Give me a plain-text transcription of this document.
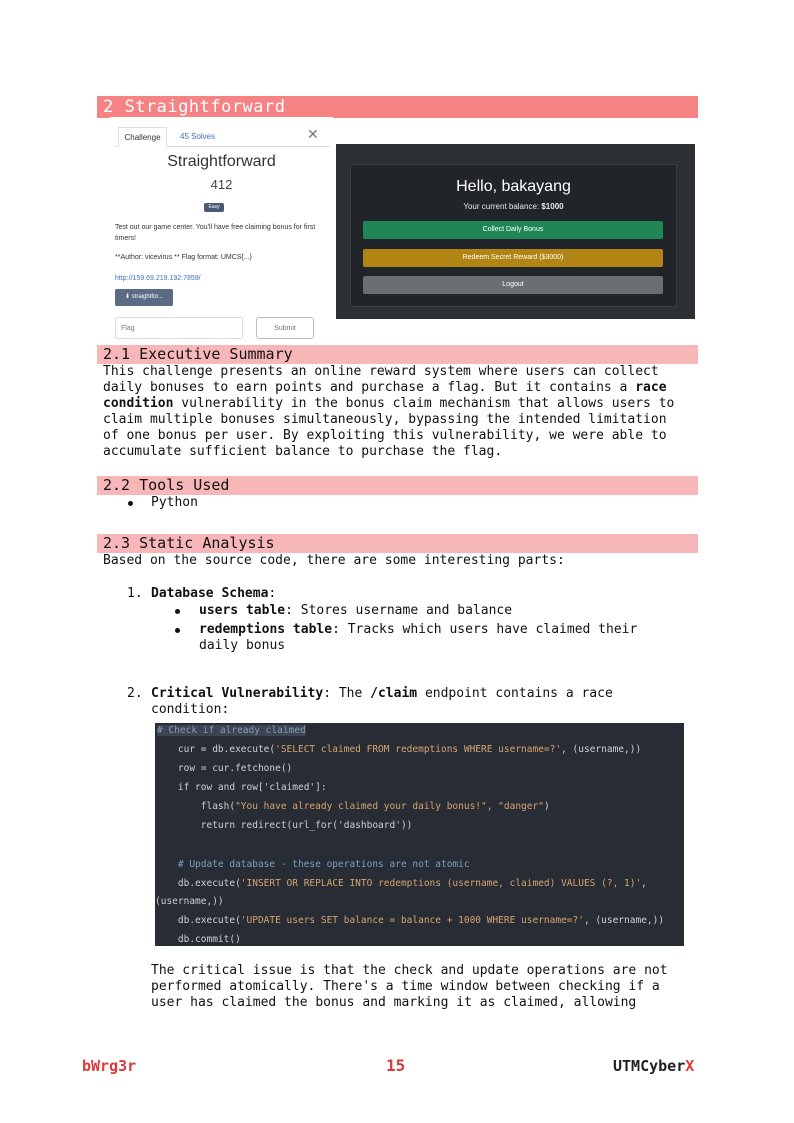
2 Straightforward
Challenge	45 Solves	✕
Straightforward
412
Easy
Test out our game center. You'll have free claiming bonus for first timers!
**Author: vicevirus ** Flag format: UMCS{...}
http://159.69.219.192:7859/
⬇ straightfor...
Flag	Submit
Hello, bakayang
Your current balance: $1000
Collect Daily Bonus
Redeem Secret Reward ($3000)
Logout
2.1 Executive Summary
This challenge presents an online reward system where users can collect
daily bonuses to earn points and purchase a flag. But it contains a race
condition vulnerability in the bonus claim mechanism that allows users to
claim multiple bonuses simultaneously, bypassing the intended limitation
of one bonus per user. By exploiting this vulnerability, we were able to
accumulate sufficient balance to purchase the flag.
2.2 Tools Used
Python
2.3 Static Analysis
Based on the source code, there are some interesting parts:
1. Database Schema:
users table: Stores username and balance
redemptions table: Tracks which users have claimed their
daily bonus
2. Critical Vulnerability: The /claim endpoint contains a race
condition:
# Check if already claimed
cur = db.execute('SELECT claimed FROM redemptions WHERE username=?', (username,))
row = cur.fetchone()
if row and row['claimed']:
flash("You have already claimed your daily bonus!", "danger")
return redirect(url_for('dashboard'))
# Update database - these operations are not atomic
db.execute('INSERT OR REPLACE INTO redemptions (username, claimed) VALUES (?, 1)',
(username,))
db.execute('UPDATE users SET balance = balance + 1000 WHERE username=?', (username,))
db.commit()
The critical issue is that the check and update operations are not
performed atomically. There's a time window between checking if a
user has claimed the bonus and marking it as claimed, allowing
bWrg3r	15	UTMCyberX
